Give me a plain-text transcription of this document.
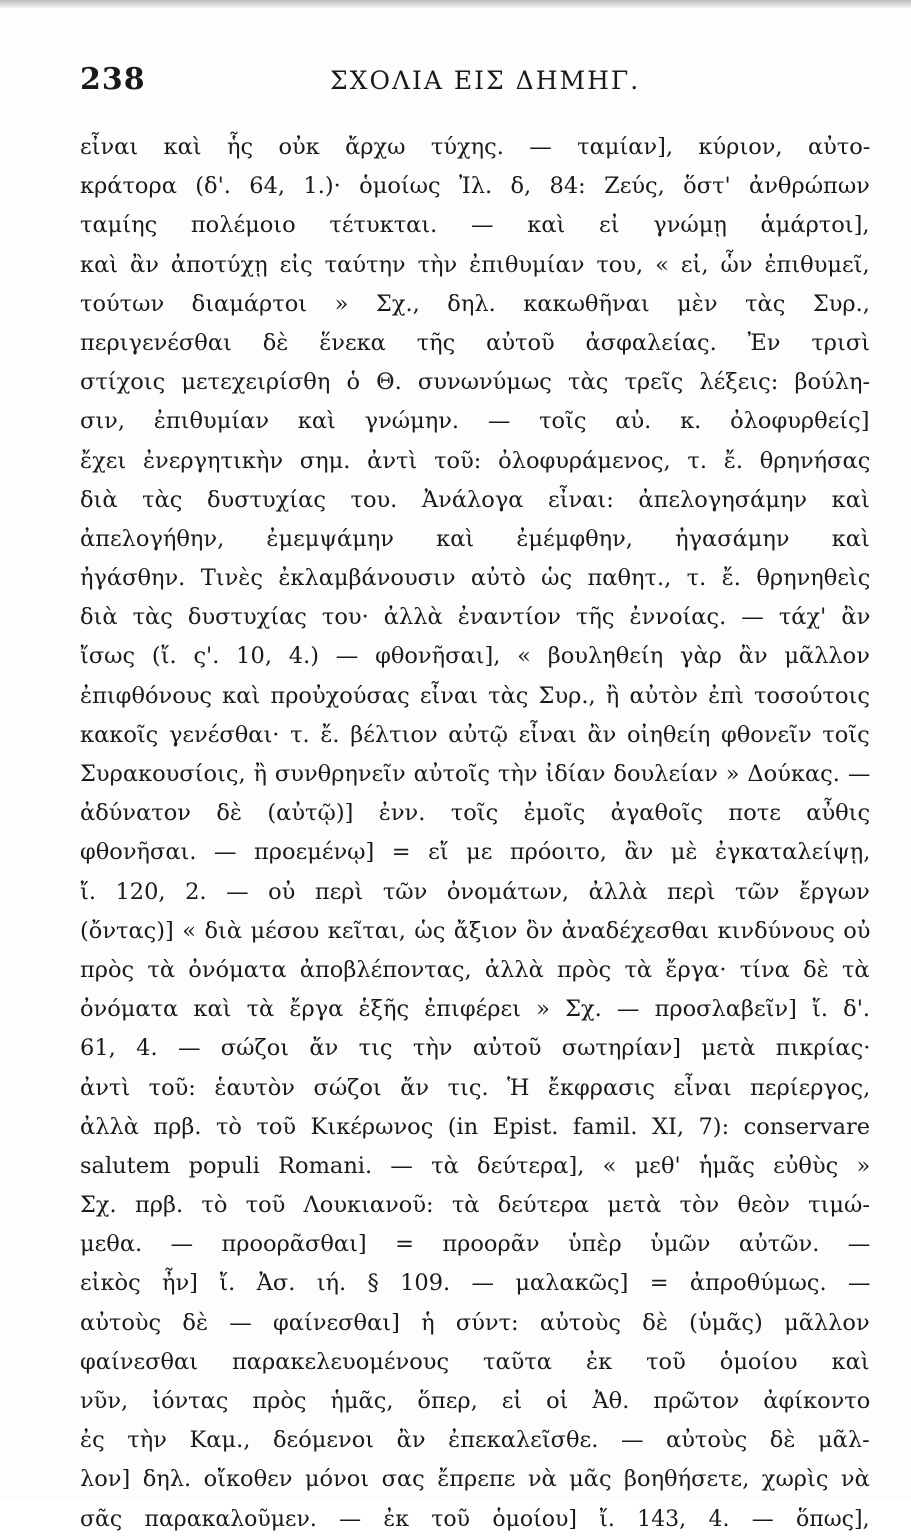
238	ΣΧΟΛΙΑ ΕΙΣ ΔΗΜΗΓ.
εἶναι καὶ ἧς οὐκ ἄρχω τύχης. — ταμίαν], κύριον, αὐτο-
κράτορα (δ'. 64, 1.)· ὁμοίως Ἰλ. δ, 84: Ζεύς, ὅστ' ἀνθρώπων
ταμίης πολέμοιο τέτυκται. — καὶ εἰ γνώμῃ ἁμάρτοι],
καὶ ἂν ἀποτύχῃ εἰς ταύτην τὴν ἐπιθυμίαν του, « εἰ, ὧν ἐπιθυμεῖ,
τούτων διαμάρτοι » Σχ., δηλ. κακωθῆναι μὲν τὰς Συρ.,
περιγενέσθαι δὲ ἕνεκα τῆς αὐτοῦ ἀσφαλείας. Ἐν τρισὶ
στίχοις μετεχειρίσθη ὁ Θ. συνωνύμως τὰς τρεῖς λέξεις: βούλη-
σιν, ἐπιθυμίαν καὶ γνώμην. — τοῖς αὐ. κ. ὀλοφυρθείς]
ἔχει ἐνεργητικὴν σημ. ἀντὶ τοῦ: ὀλοφυράμενος, τ. ἔ. θρηνήσας
διὰ τὰς δυστυχίας του. Ἀνάλογα εἶναι: ἀπελογησάμην καὶ
ἀπελογήθην, ἐμεμψάμην καὶ ἐμέμφθην, ἠγασάμην καὶ
ἠγάσθην. Τινὲς ἐκλαμβάνουσιν αὐτὸ ὡς παθητ., τ. ἔ. θρηνηθεὶς
διὰ τὰς δυστυχίας του· ἀλλὰ ἐναντίον τῆς ἐννοίας. — τάχ' ἂν
ἴσως (ἴ. ς'. 10, 4.) — φθονῆσαι], « βουληθείη γὰρ ἂν μᾶλλον
ἐπιφθόνους καὶ προὐχούσας εἶναι τὰς Συρ., ἢ αὐτὸν ἐπὶ τοσούτοις
κακοῖς γενέσθαι· τ. ἔ. βέλτιον αὐτῷ εἶναι ἂν οἰηθείη φθονεῖν τοῖς
Συρακουσίοις, ἢ συνθρηνεῖν αὐτοῖς τὴν ἰδίαν δουλείαν » Δούκας. —
ἀδύνατον δὲ (αὐτῷ)] ἐνν. τοῖς ἐμοῖς ἀγαθοῖς ποτε αὖθις
φθονῆσαι. — προεμένῳ] = εἴ με πρόοιτο, ἂν μὲ ἐγκαταλείψῃ,
ἴ. 120, 2. — οὐ περὶ τῶν ὀνομάτων, ἀλλὰ περὶ τῶν ἔργων
(ὄντας)] « διὰ μέσου κεῖται, ὡς ἄξιον ὂν ἀναδέχεσθαι κινδύνους οὐ
πρὸς τὰ ὀνόματα ἀποβλέποντας, ἀλλὰ πρὸς τὰ ἔργα· τίνα δὲ τὰ
ὀνόματα καὶ τὰ ἔργα ἑξῆς ἐπιφέρει » Σχ. — προσλαβεῖν] ἴ. δ'.
61, 4. — σώζοι ἄν τις τὴν αὐτοῦ σωτηρίαν] μετὰ πικρίας·
ἀντὶ τοῦ: ἑαυτὸν σώζοι ἄν τις. Ἡ ἔκφρασις εἶναι περίεργος,
ἀλλὰ πρβ. τὸ τοῦ Κικέρωνος (in Epist. famil. XI, 7): conservare
salutem populi Romani. — τὰ δεύτερα], « μεθ' ἡμᾶς εὐθὺς »
Σχ. πρβ. τὸ τοῦ Λουκιανοῦ: τὰ δεύτερα μετὰ τὸν θεὸν τιμώ-
μεθα. — προορᾶσθαι] = προορᾶν ὑπὲρ ὑμῶν αὐτῶν. —
εἰκὸς ἦν] ἴ. Ἀσ. ιή. § 109. — μαλακῶς] = ἀπροθύμως. —
αὐτοὺς δὲ — φαίνεσθαι] ἡ σύντ: αὐτοὺς δὲ (ὑμᾶς) μᾶλλον
φαίνεσθαι παρακελευομένους ταῦτα ἐκ τοῦ ὁμοίου καὶ
νῦν, ἰόντας πρὸς ἡμᾶς, ὅπερ, εἰ οἱ Ἀθ. πρῶτον ἀφίκοντο
ἐς τὴν Καμ., δεόμενοι ἂν ἐπεκαλεῖσθε. — αὐτοὺς δὲ μᾶλ-
λον] δηλ. οἴκοθεν μόνοι σας ἔπρεπε νὰ μᾶς βοηθήσετε, χωρὶς νὰ
σᾶς παρακαλοῦμεν. — ἐκ τοῦ ὁμοίου] ἴ. 143, 4. — ὅπως],
